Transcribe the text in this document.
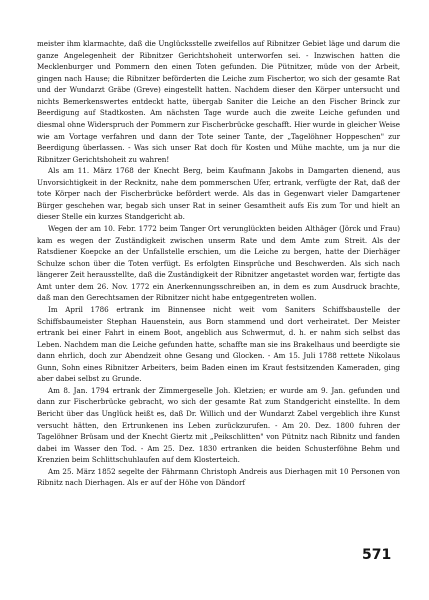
meister ihm klarmachte, daß die Unglücksstelle zweifellos auf Ribnitzer Gebiet läge und darum die ganze Angelegenheit der Ribnitzer Gerichtshoheit unterworfen sei. - Inzwischen hatten die Mecklenburger und Pommern den einen Toten gefunden. Die Pütnitzer, müde von der Arbeit, gingen nach Hause; die Ribnitzer beförderten die Leiche zum Fischertor, wo sich der gesamte Rat und der Wundarzt Gräbe (Greve) eingestellt hatten. Nachdem dieser den Körper untersucht und nichts Bemerkenswertes entdeckt hatte, übergab Saniter die Leiche an den Fischer Brinck zur Beerdigung auf Stadtkosten. Am nächsten Tage wurde auch die zweite Leiche gefunden und diesmal ohne Widerspruch der Pommern zur Fischerbrücke geschafft. Hier wurde in gleicher Weise wie am Vortage verfahren und dann der Tote seiner Tante, der „Tagelöhner Hoppeschen" zur Beerdigung überlassen. - Was sich unser Rat doch für Kosten und Mühe machte, um ja nur die Ribnitzer Gerichtshoheit zu wahren!

Als am 11. März 1768 der Knecht Berg, beim Kaufmann Jakobs in Damgarten dienend, aus Unvorsichtigkeit in der Recknitz, nahe dem pommerschen Ufer, ertrank, verfügte der Rat, daß der tote Körper nach der Fischerbrücke befördert werde. Als das in Gegenwart vieler Damgartener Bürger geschehen war, begab sich unser Rat in seiner Gesamtheit aufs Eis zum Tor und hielt an dieser Stelle ein kurzes Standgericht ab.

Wegen der am 10. Febr. 1772 beim Tanger Ort verunglückten beiden Althäger (Jörck und Frau) kam es wegen der Zuständigkeit zwischen unserm Rate und dem Amte zum Streit. Als der Ratsdiener Koepcke an der Unfallstelle erschien, um die Leiche zu bergen, hatte der Dierhäger Schulze schon über die Toten verfügt. Es erfolgten Einsprüche und Beschwerden. Als sich nach längerer Zeit herausstellte, daß die Zuständigkeit der Ribnitzer angetastet worden war, fertigte das Amt unter dem 26. Nov. 1772 ein Anerkennungsschreiben an, in dem es zum Ausdruck brachte, daß man den Gerechtsamen der Ribnitzer nicht habe entgegentreten wollen.

Im April 1786 ertrank im Binnensee nicht weit vom Saniters Schiffsbaustelle der Schiffsbaumeister Stephan Hauenstein, aus Born stammend und dort verheiratet. Der Meister ertrank bei einer Fahrt in einem Boot, angeblich aus Schwermut, d. h. er nahm sich selbst das Leben. Nachdem man die Leiche gefunden hatte, schaffte man sie ins Brakelhaus und beerdigte sie dann ehrlich, doch zur Abendzeit ohne Gesang und Glocken. - Am 15. Juli 1788 rettete Nikolaus Gunn, Sohn eines Ribnitzer Arbeiters, beim Baden einen im Kraut festsitzenden Kameraden, ging aber dabei selbst zu Grunde.

Am 8. Jan. 1794 ertrank der Zimmergeselle Joh. Kletzien; er wurde am 9. Jan. gefunden und dann zur Fischerbrücke gebracht, wo sich der gesamte Rat zum Standgericht einstellte. In dem Bericht über das Unglück heißt es, daß Dr. Willich und der Wundarzt Zabel vergeblich ihre Kunst versucht hätten, den Ertrunkenen ins Leben zurückzurufen. - Am 20. Dez. 1800 fuhren der Tagelöhner Brüsam und der Knecht Giertz mit „Peikschlitten" von Pütnitz nach Ribnitz und fanden dabei im Wasser den Tod. - Am 25. Dez. 1830 ertranken die beiden Schusterföhne Behm und Krenzien beim Schlittschuhlaufen auf dem Klosterteich.

Am 25. März 1852 segelte der Fährmann Christoph Andreis aus Dierhagen mit 10 Personen von Ribnitz nach Dierhagen. Als er auf der Höhe von Dändorf

571
